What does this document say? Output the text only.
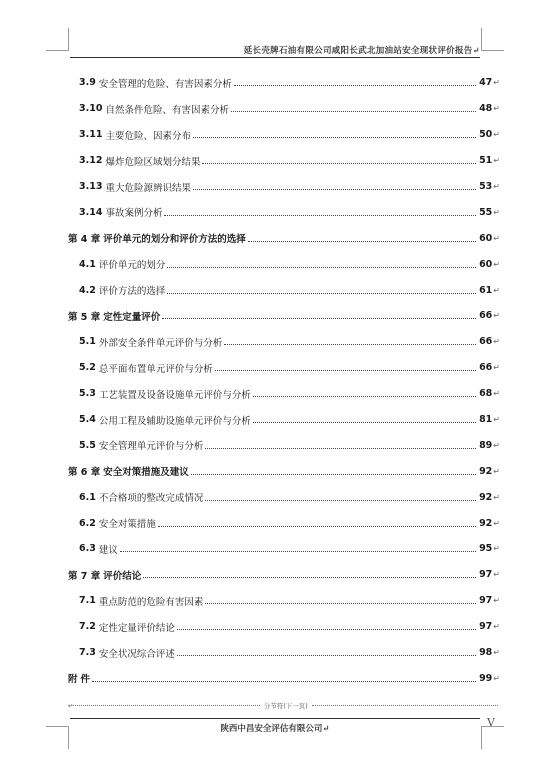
延长壳牌石油有限公司咸阳长武北加油站安全现状评价报告↵
3.9 安全管理的危险、有害因素分析	47 ↵
3.10 自然条件危险、有害因素分析	48 ↵
3.11 主要危险、因素分布	50 ↵
3.12 爆炸危险区域划分结果	51 ↵
3.13 重大危险源辨识结果	53 ↵
3.14 事故案例分析	55 ↵
第 4 章 评价单元的划分和评价方法的选择	60 ↵
4.1 评价单元的划分	60 ↵
4.2 评价方法的选择	61 ↵
第 5 章 定性定量评价	66 ↵
5.1 外部安全条件单元评价与分析	66 ↵
5.2 总平面布置单元评价与分析	66 ↵
5.3 工艺装置及设备设施单元评价与分析	68 ↵
5.4 公用工程及辅助设施单元评价与分析	81 ↵
5.5 安全管理单元评价与分析	89 ↵
第 6 章 安全对策措施及建议	92 ↵
6.1 不合格项的整改完成情况	92 ↵
6.2 安全对策措施	92 ↵
6.3 建议	95 ↵
第 7 章 评价结论	97 ↵
7.1 重点防范的危险有害因素	97 ↵
7.2 定性定量评价结论	97 ↵
7.3 安全状况综合评述	98 ↵
附 件	99 ↵
↵	分节符(下一页)
陕西中昌安全评估有限公司↵	V
